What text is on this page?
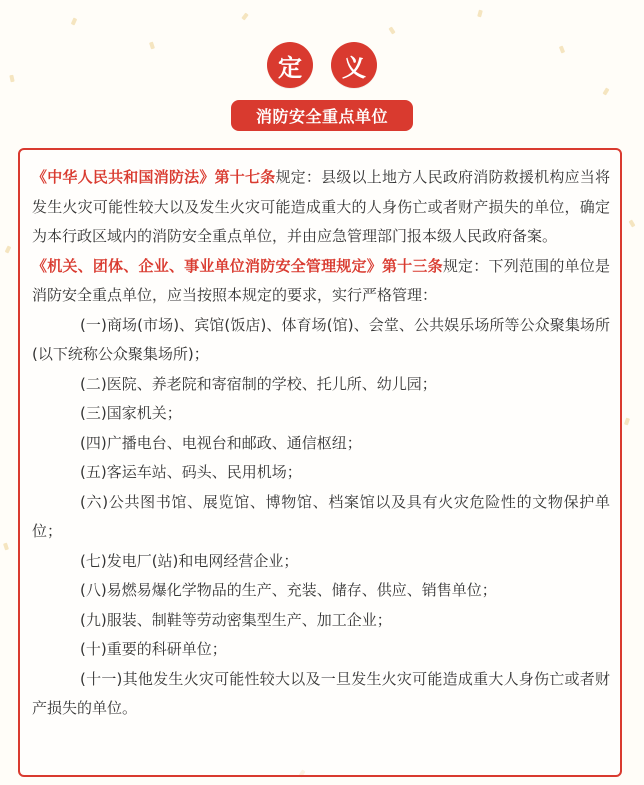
定	义
消防安全重点单位

《中华人民共和国消防法》第十七条规定：县级以上地方人民政府消防救援机构应当将发生火灾可能性较大以及发生火灾可能造成重大的人身伤亡或者财产损失的单位，确定为本行政区域内的消防安全重点单位，并由应急管理部门报本级人民政府备案。

《机关、团体、企业、事业单位消防安全管理规定》第十三条规定：下列范围的单位是消防安全重点单位，应当按照本规定的要求，实行严格管理：

(一)商场(市场)、宾馆(饭店)、体育场(馆)、会堂、公共娱乐场所等公众聚集场所(以下统称公众聚集场所)；

(二)医院、养老院和寄宿制的学校、托儿所、幼儿园；

(三)国家机关；

(四)广播电台、电视台和邮政、通信枢纽；

(五)客运车站、码头、民用机场；

(六)公共图书馆、展览馆、博物馆、档案馆以及具有火灾危险性的文物保护单位；

(七)发电厂(站)和电网经营企业；

(八)易燃易爆化学物品的生产、充装、储存、供应、销售单位；

(九)服装、制鞋等劳动密集型生产、加工企业；

(十)重要的科研单位；

(十一)其他发生火灾可能性较大以及一旦发生火灾可能造成重大人身伤亡或者财产损失的单位。
